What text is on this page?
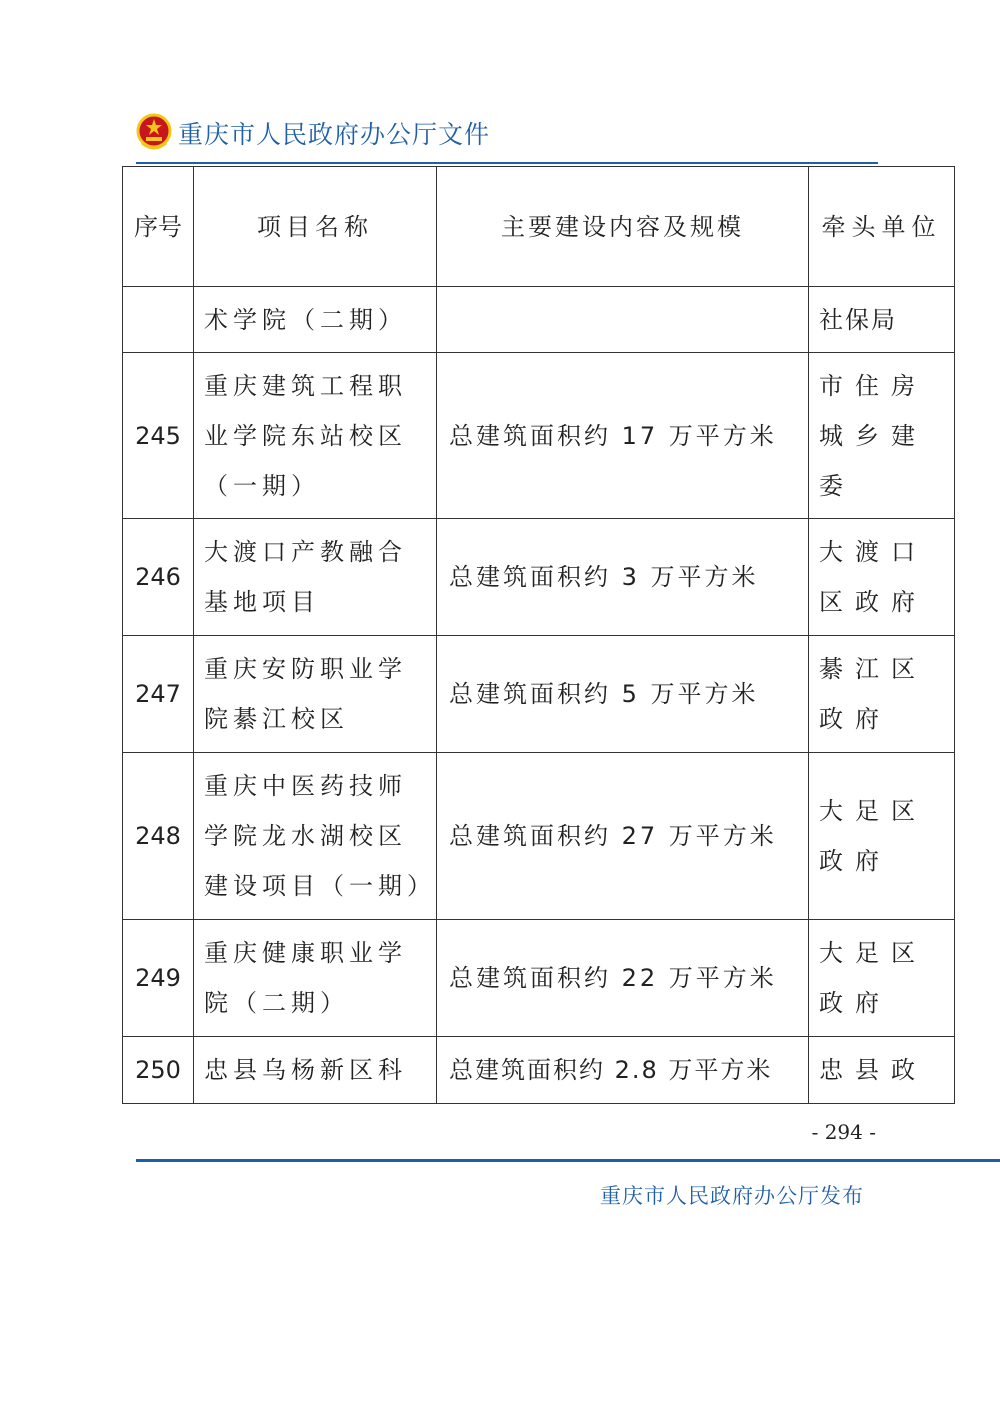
重庆市人民政府办公厅文件
序号	项目名称	主要建设内容及规模	牵头单位
	术学院（二期）		社保局
245	重庆建筑工程职业学院东站校区（一期）	总建筑面积约 17 万平方米	市住房城乡建委
246	大渡口产教融合基地项目	总建筑面积约 3 万平方米	大渡口区政府
247	重庆安防职业学院綦江校区	总建筑面积约 5 万平方米	綦江区政府
248	重庆中医药技师学院龙水湖校区建设项目（一期）	总建筑面积约 27 万平方米	大足区政府
249	重庆健康职业学院（二期）	总建筑面积约 22 万平方米	大足区政府
250	忠县乌杨新区科	总建筑面积约 2.8 万平方米	忠县政
- 294 -
重庆市人民政府办公厅发布
